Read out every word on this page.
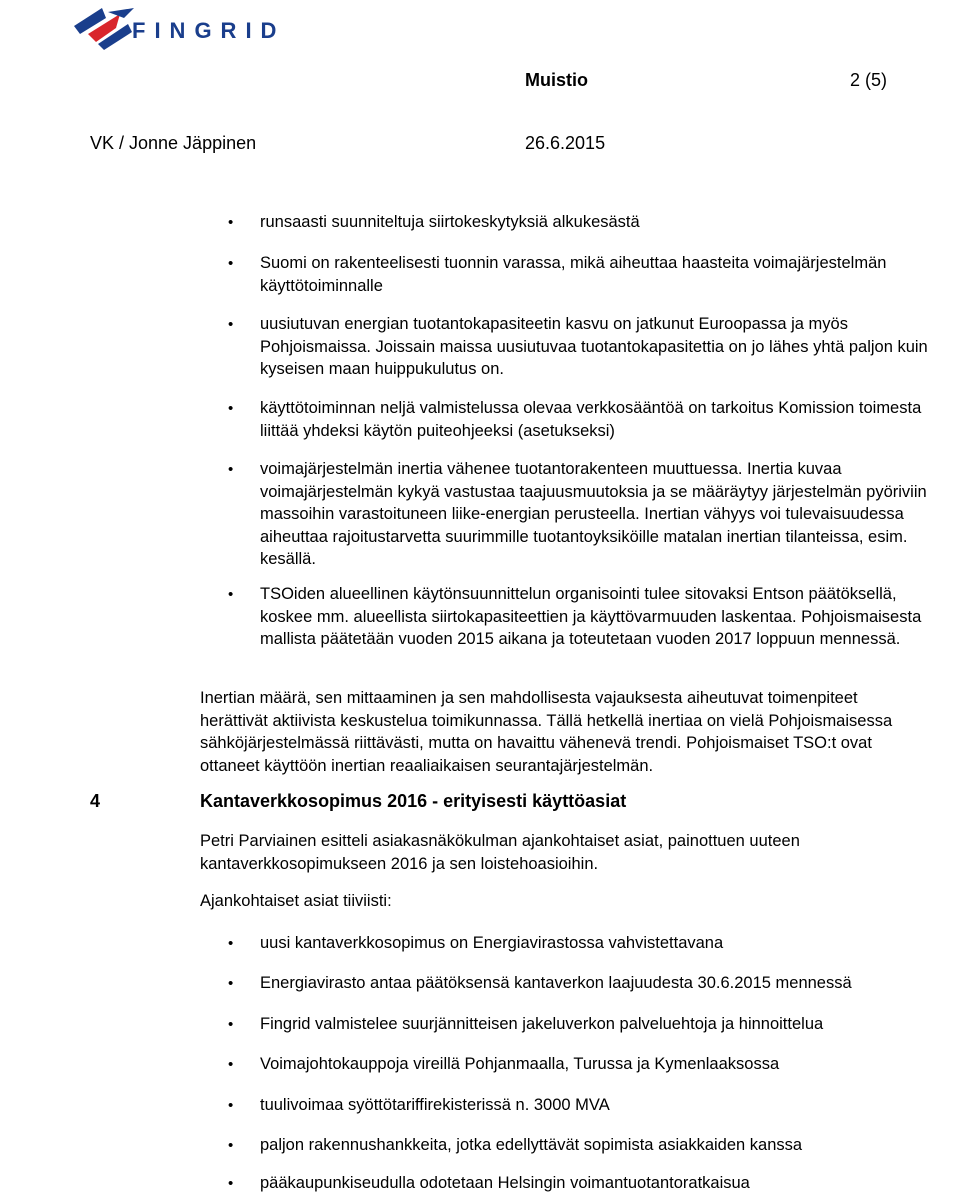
FINGRID
Muistio	2 (5)
VK / Jonne Jäppinen	26.6.2015
•
runsaasti suunniteltuja siirtokeskytyksiä alkukesästä
•
Suomi on rakenteelisesti tuonnin varassa, mikä aiheuttaa haasteita voimajärjestelmän käyttötoiminnalle
•
uusiutuvan energian tuotantokapasiteetin kasvu on jatkunut Euroopassa ja myös Pohjoismaissa. Joissain maissa uusiutuvaa tuotantokapasitettia on jo lähes yhtä paljon kuin kyseisen maan huippukulutus on.
•
käyttötoiminnan neljä valmistelussa olevaa verkkosääntöä on tarkoitus Komission toimesta liittää yhdeksi käytön puiteohjeeksi (asetukseksi)
•
voimajärjestelmän inertia vähenee tuotantorakenteen muuttuessa. Inertia kuvaa voimajärjestelmän kykyä vastustaa taajuusmuutoksia ja se määräytyy järjestelmän pyöriviin massoihin varastoituneen liike-energian perusteella. Inertian vähyys voi tulevaisuudessa aiheuttaa rajoitustarvetta suurimmille tuotantoyksiköille matalan inertian tilanteissa, esim. kesällä.
•
TSOiden alueellinen käytönsuunnittelun organisointi tulee sitovaksi Entson päätöksellä, koskee mm. alueellista siirtokapasiteettien ja käyttövarmuuden laskentaa. Pohjoismaisesta mallista päätetään vuoden 2015 aikana ja toteutetaan vuoden 2017 loppuun mennessä.
Inertian määrä, sen mittaaminen ja sen mahdollisesta vajauksesta aiheutuvat toimenpiteet herättivät aktiivista keskustelua toimikunnassa. Tällä hetkellä inertiaa on vielä Pohjoismaisessa sähköjärjestelmässä riittävästi, mutta on havaittu vähenevä trendi. Pohjoismaiset TSO:t ovat ottaneet käyttöön inertian reaaliaikaisen seurantajärjestelmän.
4	Kantaverkkosopimus 2016 - erityisesti käyttöasiat
Petri Parviainen esitteli asiakasnäkökulman ajankohtaiset asiat, painottuen uuteen kantaverkkosopimukseen 2016 ja sen loistehoasioihin.
Ajankohtaiset asiat tiiviisti:
•
uusi kantaverkkosopimus on Energiavirastossa vahvistettavana
•
Energiavirasto antaa päätöksensä kantaverkon laajuudesta 30.6.2015 mennessä
•
Fingrid valmistelee suurjännitteisen jakeluverkon palveluehtoja ja hinnoittelua
•
Voimajohtokauppoja vireillä Pohjanmaalla, Turussa ja Kymenlaaksossa
•
tuulivoimaa syöttötariffirekisterissä n. 3000 MVA
•
paljon rakennushankkeita, jotka edellyttävät sopimista asiakkaiden kanssa
•
pääkaupunkiseudulla odotetaan Helsingin voimantuotantoratkaisua
